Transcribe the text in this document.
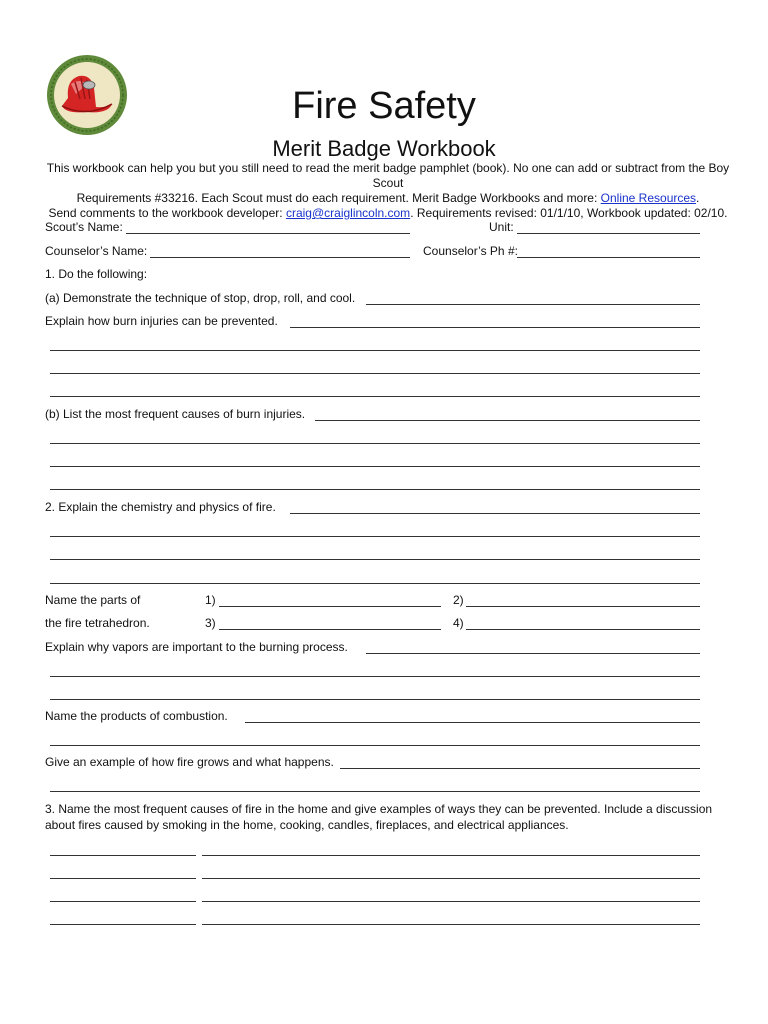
Fire Safety
Merit Badge Workbook
This workbook can help you but you still need to read the merit badge pamphlet (book). No one can add or subtract from the Boy Scout
Requirements #33216. Each Scout must do each requirement. Merit Badge Workbooks and more: Online Resources.
Send comments to the workbook developer: craig@craiglincoln.com. Requirements revised: 01/1/10, Workbook updated: 02/10.
Scout’s Name:	Unit:
Counselor’s Name:	Counselor’s Ph #:
1. Do the following:
(a) Demonstrate the technique of stop, drop, roll, and cool.
Explain how burn injuries can be prevented.
(b) List the most frequent causes of burn injuries.
2. Explain the chemistry and physics of fire.
Name the parts of	1)	2)
the fire tetrahedron.	3)	4)
Explain why vapors are important to the burning process.
Name the products of combustion.
Give an example of how fire grows and what happens.
3. Name the most frequent causes of fire in the home and give examples of ways they can be prevented. Include a discussion
about fires caused by smoking in the home, cooking, candles, fireplaces, and electrical appliances.
